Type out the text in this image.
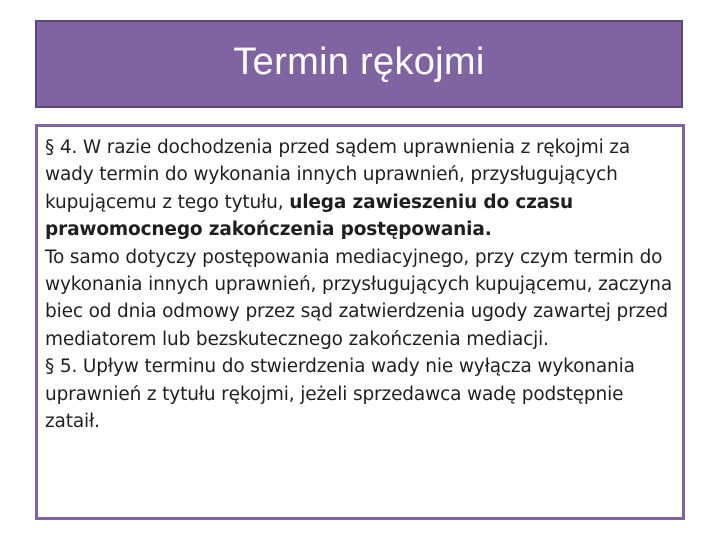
Termin rękojmi

§ 4. W razie dochodzenia przed sądem uprawnienia z rękojmi za wady termin do wykonania innych uprawnień, przysługujących kupującemu z tego tytułu, ulega zawieszeniu do czasu prawomocnego zakończenia postępowania.

To samo dotyczy postępowania mediacyjnego, przy czym termin do wykonania innych uprawnień, przysługujących kupującemu, zaczyna biec od dnia odmowy przez sąd zatwierdzenia ugody zawartej przed mediatorem lub bezskutecznego zakończenia mediacji.

§ 5. Upływ terminu do stwierdzenia wady nie wyłącza wykonania uprawnień z tytułu rękojmi, jeżeli sprzedawca wadę podstępnie zataił.
